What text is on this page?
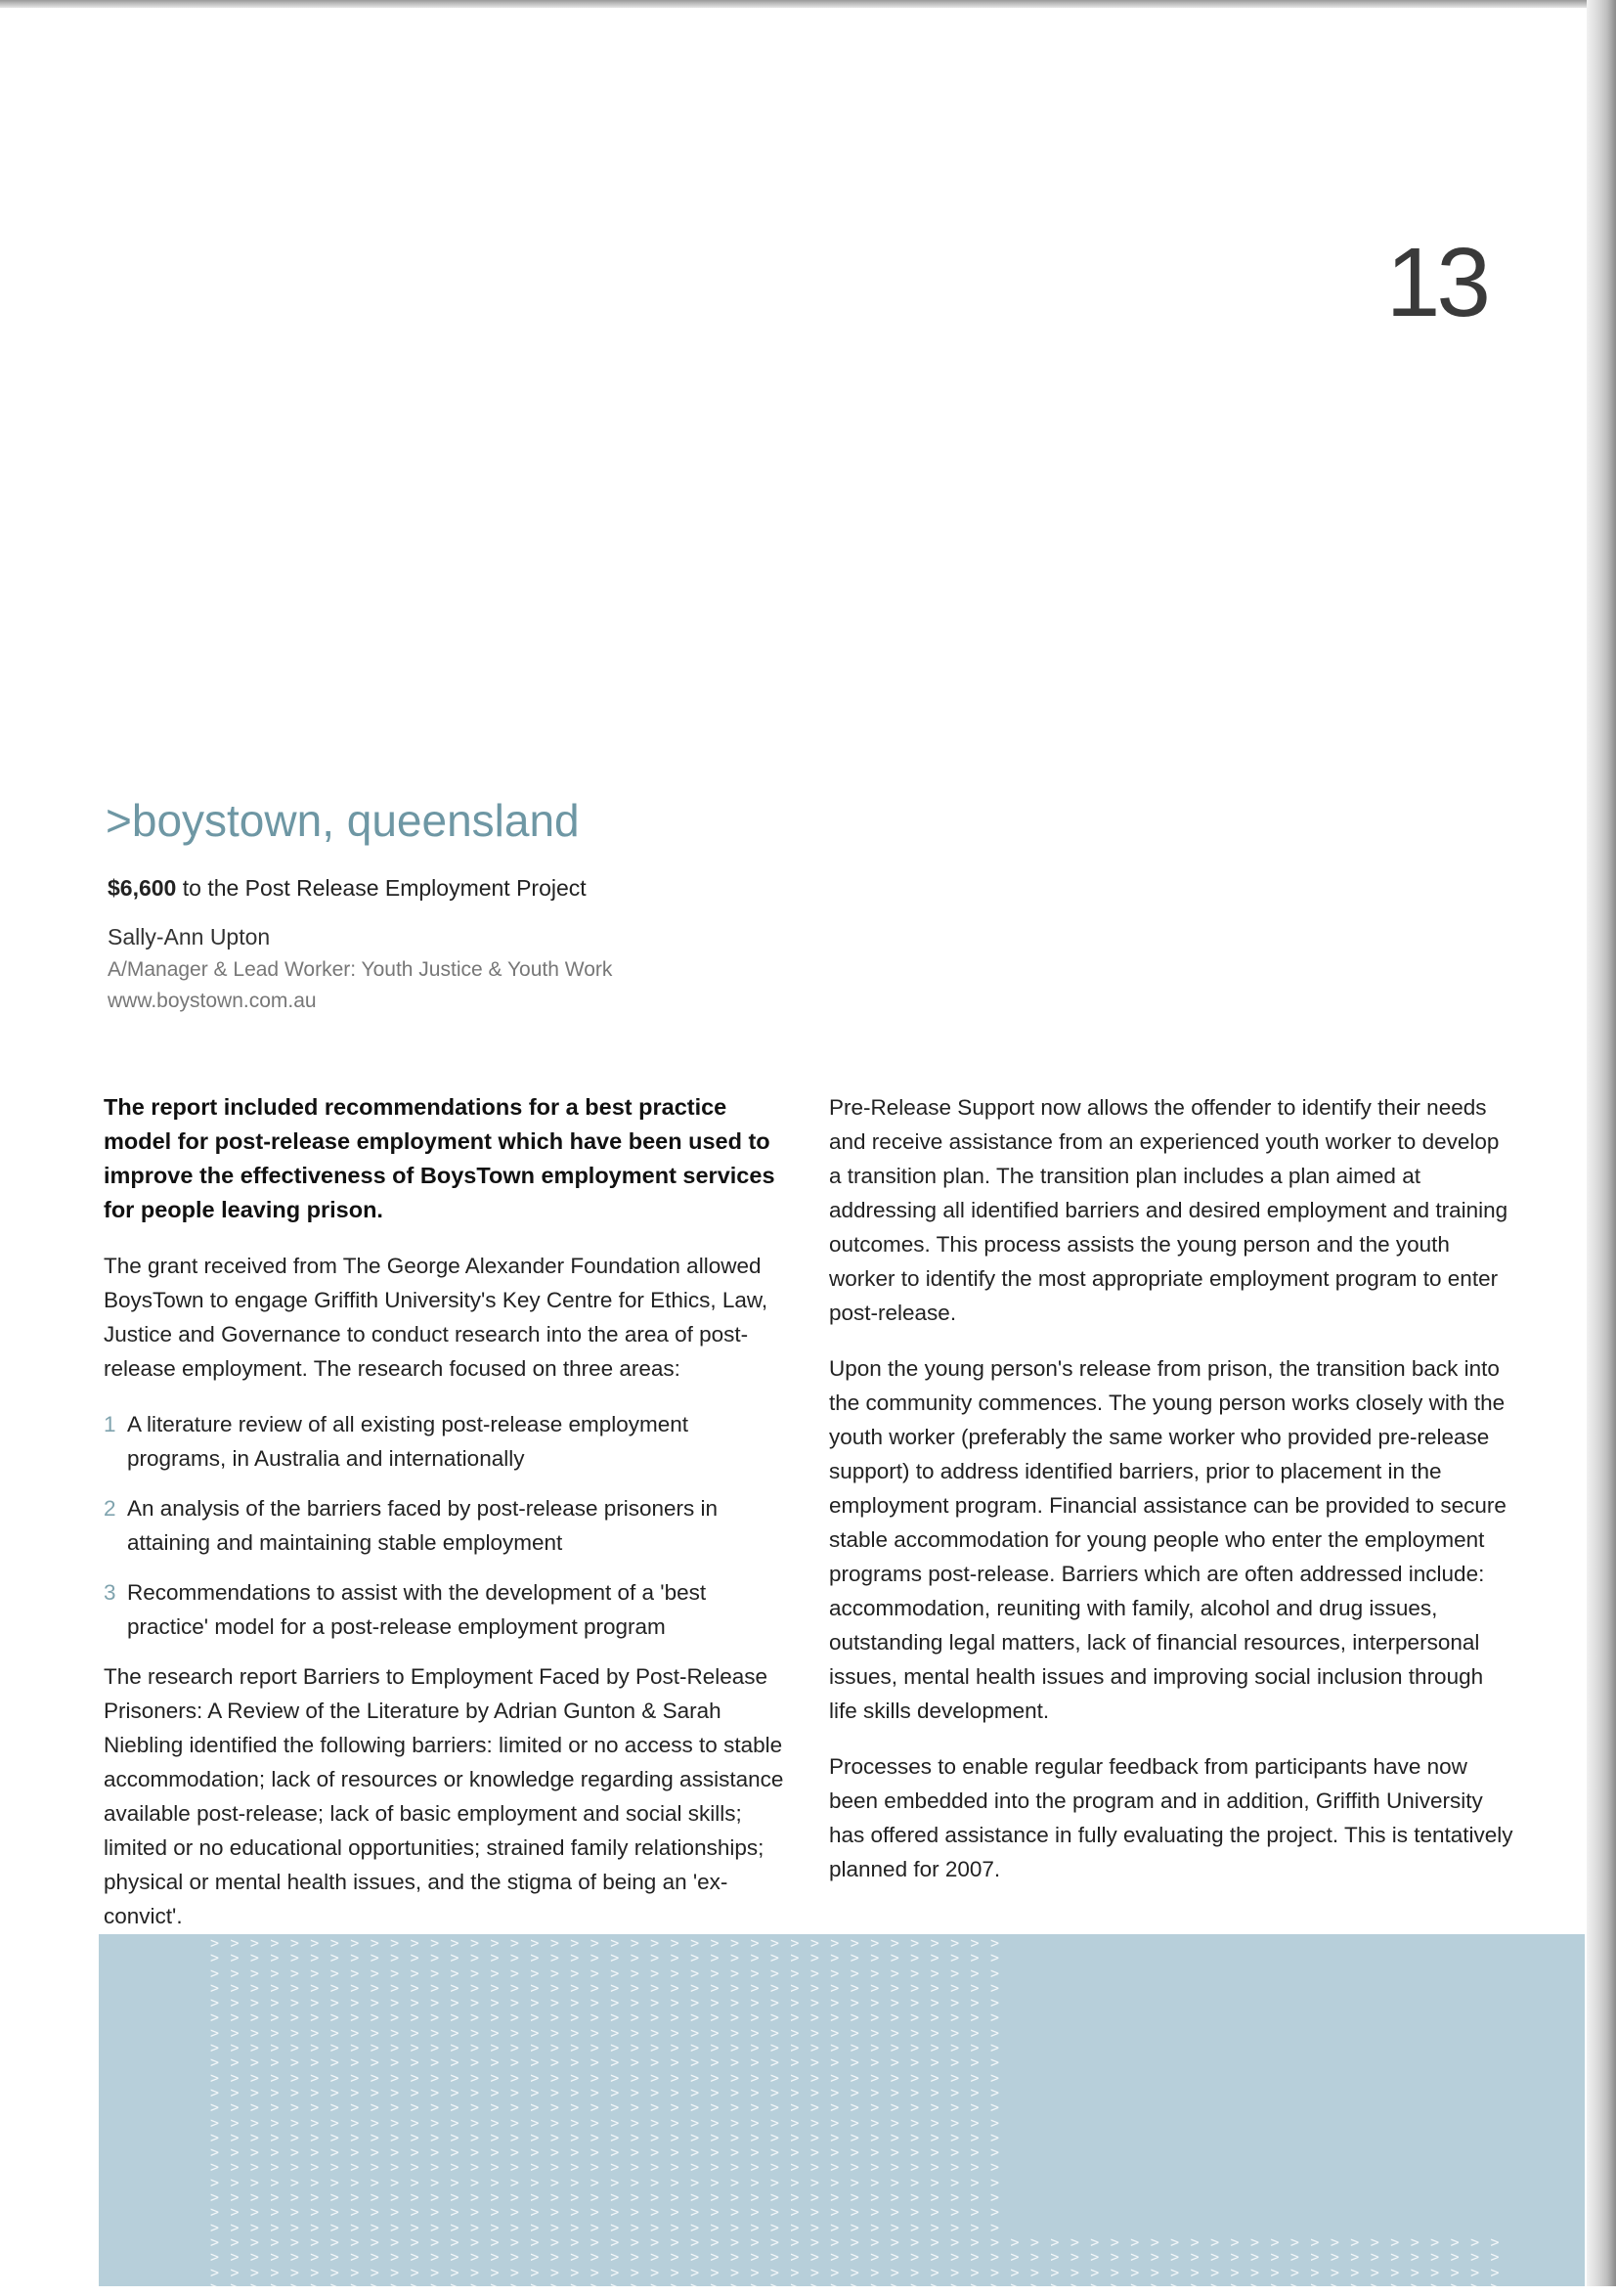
13
>boystown, queensland

$6,600 to the Post Release Employment Project

Sally-Ann Upton

A/Manager & Lead Worker: Youth Justice & Youth Work

www.boystown.com.au

The report included recommendations for a best practice model for post-release employment which have been used to improve the effectiveness of BoysTown employment services for people leaving prison.

The grant received from The George Alexander Foundation allowed BoysTown to engage Griffith University's Key Centre for Ethics, Law, Justice and Governance to conduct research into the area of post-release employment. The research focused on three areas:

1 A literature review of all existing post-release employment programs, in Australia and internationally
2 An analysis of the barriers faced by post-release prisoners in attaining and maintaining stable employment
3 Recommendations to assist with the development of a 'best practice' model for a post-release employment program

The research report Barriers to Employment Faced by Post-Release Prisoners: A Review of the Literature by Adrian Gunton & Sarah Niebling identified the following barriers: limited or no access to stable accommodation; lack of resources or knowledge regarding assistance available post-release; lack of basic employment and social skills; limited or no educational opportunities; strained family relationships; physical or mental health issues, and the stigma of being an 'ex-convict'.

Pre-Release Support now allows the offender to identify their needs and receive assistance from an experienced youth worker to develop a transition plan. The transition plan includes a plan aimed at addressing all identified barriers and desired employment and training outcomes. This process assists the young person and the youth worker to identify the most appropriate employment program to enter post-release.

Upon the young person's release from prison, the transition back into the community commences. The young person works closely with the youth worker (preferably the same worker who provided pre-release support) to address identified barriers, prior to placement in the employment program. Financial assistance can be provided to secure stable accommodation for young people who enter the employment programs post-release. Barriers which are often addressed include: accommodation, reuniting with family, alcohol and drug issues, outstanding legal matters, lack of financial resources, interpersonal issues, mental health issues and improving social inclusion through life skills development.

Processes to enable regular feedback from participants have now been embedded into the program and in addition, Griffith University has offered assistance in fully evaluating the project. This is tentatively planned for 2007.

> > > > > > > > > > > > > > > > > > > > > > > > > > > > > > > > > > > > > > > >
> > > > > > > > > > > > > > > > > > > > > > > > > > > > > > > > > > > > > > > >
> > > > > > > > > > > > > > > > > > > > > > > > > > > > > > > > > > > > > > > >
> > > > > > > > > > > > > > > > > > > > > > > > > > > > > > > > > > > > > > > >
> > > > > > > > > > > > > > > > > > > > > > > > > > > > > > > > > > > > > > > >
> > > > > > > > > > > > > > > > > > > > > > > > > > > > > > > > > > > > > > > >
> > > > > > > > > > > > > > > > > > > > > > > > > > > > > > > > > > > > > > > >
> > > > > > > > > > > > > > > > > > > > > > > > > > > > > > > > > > > > > > > >
> > > > > > > > > > > > > > > > > > > > > > > > > > > > > > > > > > > > > > > >
> > > > > > > > > > > > > > > > > > > > > > > > > > > > > > > > > > > > > > > >
> > > > > > > > > > > > > > > > > > > > > > > > > > > > > > > > > > > > > > > >
> > > > > > > > > > > > > > > > > > > > > > > > > > > > > > > > > > > > > > > >
> > > > > > > > > > > > > > > > > > > > > > > > > > > > > > > > > > > > > > > >
> > > > > > > > > > > > > > > > > > > > > > > > > > > > > > > > > > > > > > > >
> > > > > > > > > > > > > > > > > > > > > > > > > > > > > > > > > > > > > > > >
> > > > > > > > > > > > > > > > > > > > > > > > > > > > > > > > > > > > > > > >
> > > > > > > > > > > > > > > > > > > > > > > > > > > > > > > > > > > > > > > >
> > > > > > > > > > > > > > > > > > > > > > > > > > > > > > > > > > > > > > > >
> > > > > > > > > > > > > > > > > > > > > > > > > > > > > > > > > > > > > > > >
> > > > > > > > > > > > > > > > > > > > > > > > > > > > > > > > > > > > > > > >
> > > > > > > > > > > > > > > > > > > > > > > > > > > > > > > > > > > > > > > > > > > > > > > > > > > > > > > > > > > > > > > > >
> > > > > > > > > > > > > > > > > > > > > > > > > > > > > > > > > > > > > > > > > > > > > > > > > > > > > > > > > > > > > > > > >
> > > > > > > > > > > > > > > > > > > > > > > > > > > > > > > > > > > > > > > > > > > > > > > > > > > > > > > > > > > > > > > > >
> > > > > > > > > > > > > > > > > > > > > > > > > > > > > > > > > > > > > > > > > > > > > > > > > > > > > > > > > > > > > > > > >
